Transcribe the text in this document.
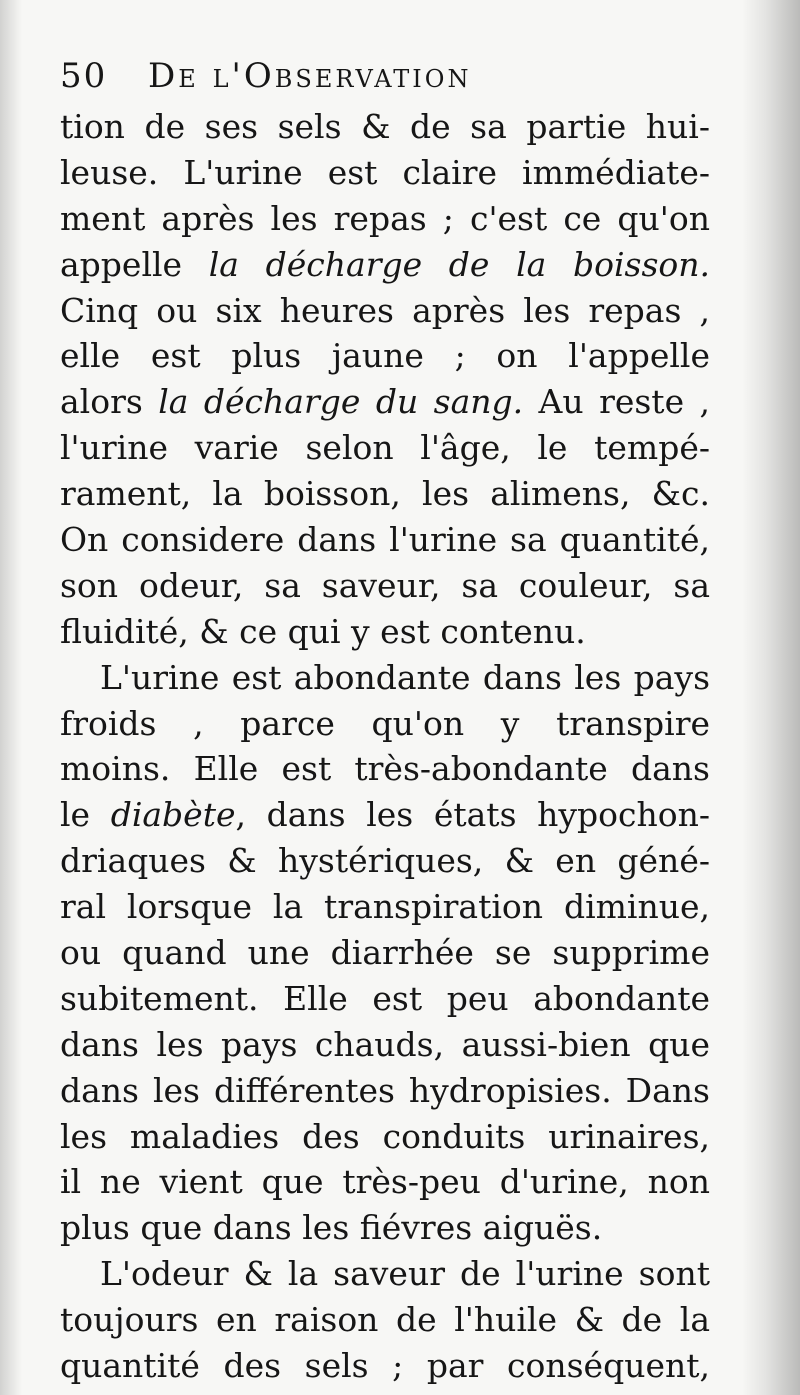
50 De l'Observation
tion de ses sels & de sa partie hui-
leuse. L'urine est claire immédiate-
ment après les repas ; c'est ce qu'on
appelle la décharge de la boisson.
Cinq ou six heures après les repas ,
elle est plus jaune ; on l'appelle
alors la décharge du sang. Au reste ,
l'urine varie selon l'âge, le tempé-
rament, la boisson, les alimens, &c.
On considere dans l'urine sa quantité,
son odeur, sa saveur, sa couleur, sa
fluidité, & ce qui y est contenu.
L'urine est abondante dans les pays
froids , parce qu'on y transpire
moins. Elle est très-abondante dans
le diabète, dans les états hypochon-
driaques & hystériques, & en géné-
ral lorsque la transpiration diminue,
ou quand une diarrhée se supprime
subitement. Elle est peu abondante
dans les pays chauds, aussi-bien que
dans les différentes hydropisies. Dans
les maladies des conduits urinaires,
il ne vient que très-peu d'urine, non
plus que dans les fiévres aiguës.
L'odeur & la saveur de l'urine sont
toujours en raison de l'huile & de la
quantité des sels ; par conséquent,
